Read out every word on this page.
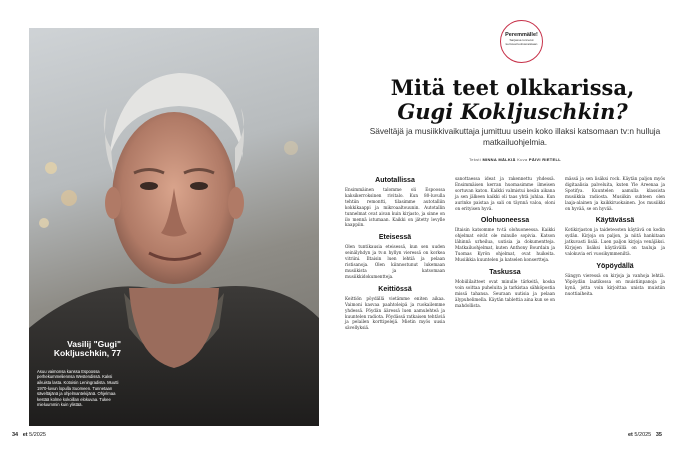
Vasilij "Gugi"
Kokljuschkin, 77
Asuu vaimonsa kanssa Espoossa perhekummeliennsa Westendissä. Kaksi aikuista lasta. Kotoisin Leningradista. Muutti 1970-luvun lopulla Suomeen. Tunnetaan säveltäjänä ja ohjelmantekijänä. Ohjelmaa kestää kolme kokoillan elokuvaa. Tukee mieluummin kuin ylistää.
34 et 5/2025
Peremmälle!
Sarjassa tunnetut kertovat kotivieraistaan
Mitä teet olkkarissa,
Gugi Kokljuschkin?
Säveltäjä ja musiikkivaikuttaja jumittuu usein koko illaksi katsomaan tv:n hulluja matkailuohjelmia.
Teksti MINNA MÄLKIÄ Kuva PÄIVI RIETELL
Autotallissa
Ensimmäinen talomme oli Espoossa kaksikerroksinen rivitalo. Kun 80-luvulla tehtiin remontti, tilasimme autotalliin kokkikaappi ja mikroaaltouunin. Autotallin tunnelmat ovat aivan kuin kirjasto, ja sinne on ilo mennä istumaan. Kaikki on jätetty levylle kaappiin.
Eteisessä
Olen tuntikausia eteisessä, kun sen uuden seinälyhdyn ja tv:n hyllyn vieressä on korkea vitriini. Iltaisin luen lehtiä ja pelaan ristisanoja. Olen kiinnostunut lukemaan musiikista ja katsomaan musiikkidokumentteja.
Keittiössä
Keittiön pöydällä vietämme eniten aikaa. Vaimoni kasvaa paahtoleipä ja ruokailemme yhdessä. Pöydän ääressä luen aamulehteä ja kuuntelen radiota. Pöydässä ratkaisen tehtäviä ja pelailen korttipelejä. Mietin myös uusia sävellyksiä.
sanottaessa ideat ja rakennettu yhdessä. Ensimmäisen kerran huomasimme ilmeisen sortuvan katon. Kaikki valmistui kesän aikana ja sen jälkeen kaikki oli taas yhtä juhlaa. Kun aurinko paistaa ja sali on täynnä valoa, oloni on erityisen hyvä.
Olohuoneessa
Iltaisin katsomme tv:tä olohuoneessa. Kaikki ohjelmat eivät ole minulle sopivia. Katson lähinnä urheilua, uutisia ja dokumentteja. Matkailuohjelmat, kuten Anthony Bourdain ja Tuomas Kyrön ohjelmat, ovat huikeita. Musiikkia kuuntelen ja katselen konsertteja.
Taskussa
Mobiililaitteet ovat minulle tärkeitä, koska voin soittaa puheluita ja tarkistaa sähköpostia missä tahansa. Seuraan uutisia ja pelaan älypuhelimella. Käytän tablettia aina kun se on mahdollista.
mässä ja sen lisäksi rock. Käytän paljon myös digitaalisia palveluita, kuten Yle Areenaa ja Spotifya. Kuuntelen aamulla klassista musiikkia radiosta. Musiikin suhteen olen laaja-alainen ja kaikkiruokainen. Jos musiikki on hyvää, se on hyvää.
Käytävässä
Kotikirjaston ja taideteosten käytävä on kodin sydän. Kirjoja on paljon, ja niitä hankitaan jatkuvasti lisää. Luen paljon kirjoja venäjäksi. Kirjojen lisäksi käytävällä on tauluja ja valokuvia eri vuosikymmeniltä.
Yöpöydällä
Sängyn vieressä on kirjoja ja vanhoja lehtiä. Yöpöydän laatikossa on muistiinpanoja ja kynä, jotta voin kirjoittaa unista muistiin nuottiaiheita.
et 5/2025 35
